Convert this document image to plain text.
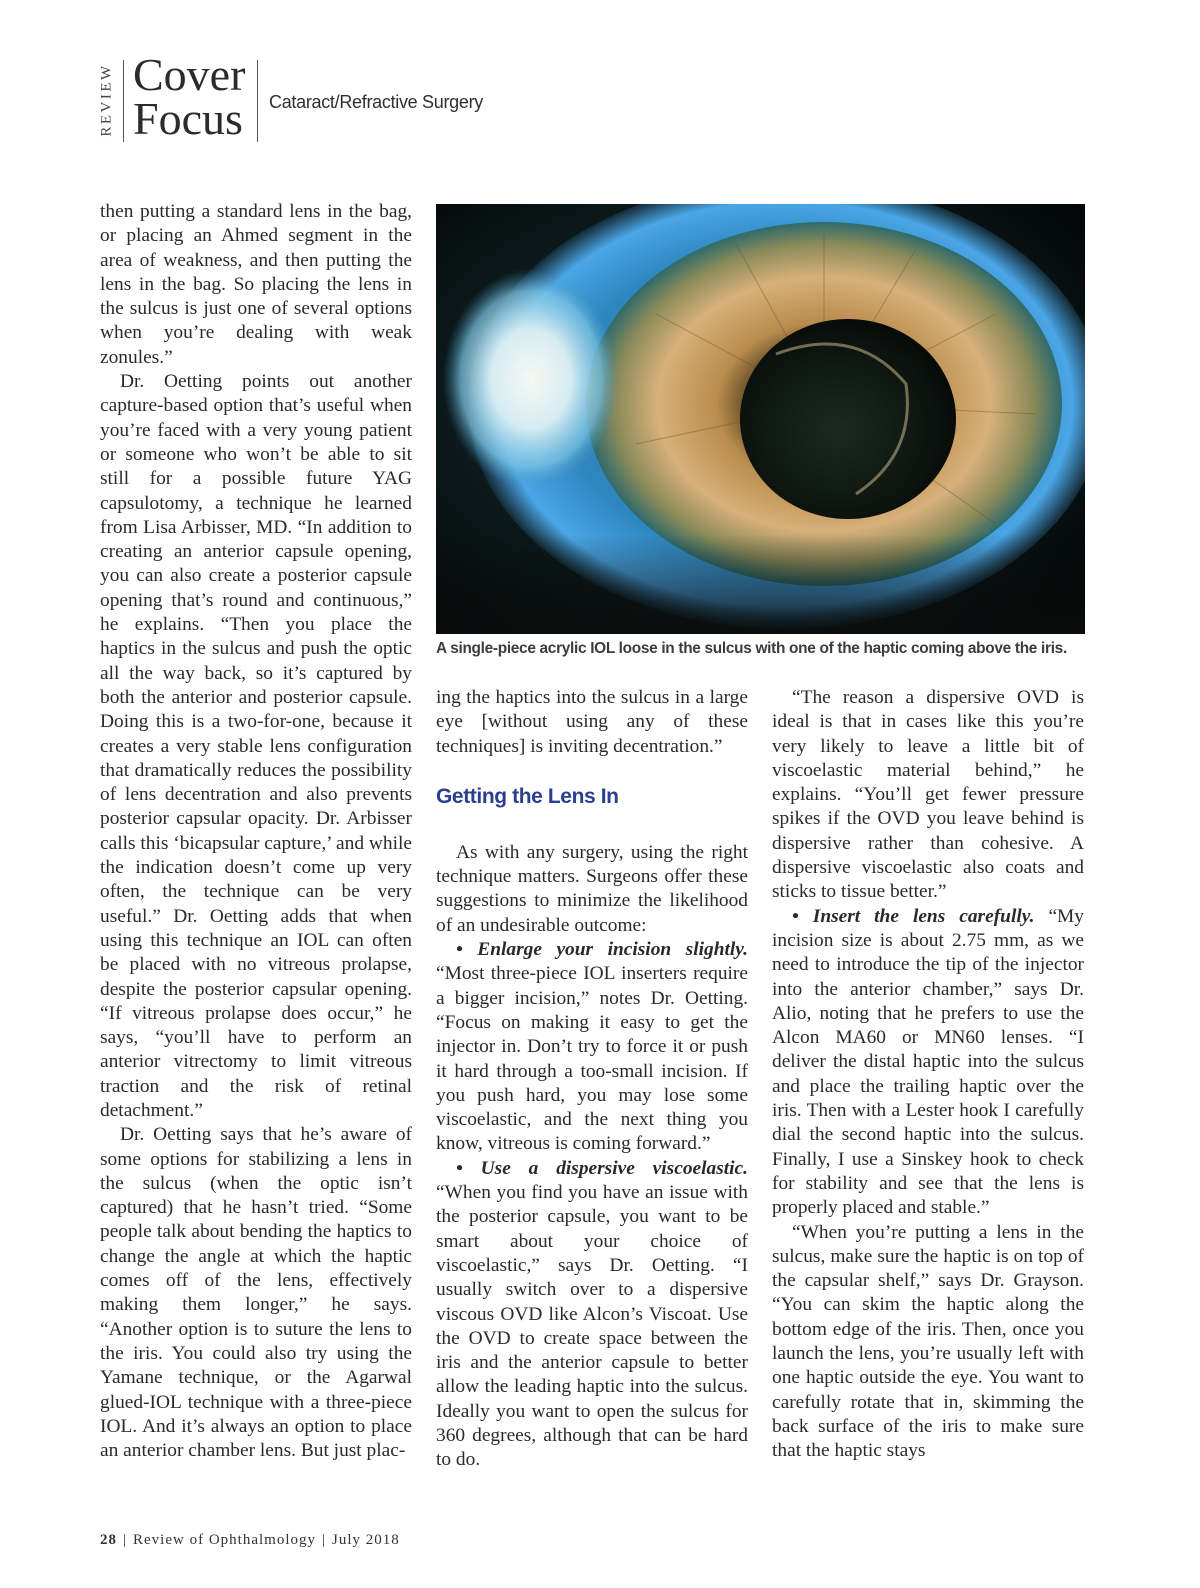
REVIEW Cover
Focus Cataract/Refractive Surgery

then putting a standard lens in the bag, or placing an Ahmed segment in the area of weakness, and then putting the lens in the bag. So placing the lens in the sulcus is just one of several options when you’re dealing with weak zonules.”

Dr. Oetting points out another capture-based option that’s useful when you’re faced with a very young patient or someone who won’t be able to sit still for a possible future YAG capsulotomy, a technique he learned from Lisa Arbisser, MD. “In addition to creating an anterior capsule opening, you can also create a posterior capsule opening that’s round and continuous,” he explains. “Then you place the haptics in the sulcus and push the optic all the way back, so it’s captured by both the anterior and posterior capsule. Doing this is a two-for-one, because it creates a very stable lens configuration that dramatically reduces the possibility of lens decentration and also prevents posterior capsular opacity. Dr. Arbisser calls this ‘bicapsular capture,’ and while the indication doesn’t come up very often, the technique can be very useful.” Dr. Oetting adds that when using this technique an IOL can often be placed with no vitreous prolapse, despite the posterior capsular opening. “If vitreous prolapse does occur,” he says, “you’ll have to perform an anterior vitrectomy to limit vitreous traction and the risk of retinal detachment.”

Dr. Oetting says that he’s aware of some options for stabilizing a lens in the sulcus (when the optic isn’t captured) that he hasn’t tried. “Some people talk about bending the haptics to change the angle at which the haptic comes off of the lens, effectively making them longer,” he says. “Another option is to suture the lens to the iris. You could also try using the Yamane technique, or the Agarwal glued-IOL technique with a three-piece IOL. And it’s always an option to place an anterior chamber lens. But just plac-

A single-piece acrylic IOL loose in the sulcus with one of the haptic coming above the iris.

ing the haptics into the sulcus in a large eye [without using any of these techniques] is inviting decentration.”

Getting the Lens In

As with any surgery, using the right technique matters. Surgeons offer these suggestions to minimize the likelihood of an undesirable outcome:

• Enlarge your incision slightly. “Most three-piece IOL inserters require a bigger incision,” notes Dr. Oetting. “Focus on making it easy to get the injector in. Don’t try to force it or push it hard through a too-small incision. If you push hard, you may lose some viscoelastic, and the next thing you know, vitreous is coming forward.”

• Use a dispersive viscoelastic. “When you find you have an issue with the posterior capsule, you want to be smart about your choice of viscoelastic,” says Dr. Oetting. “I usually switch over to a dispersive viscous OVD like Alcon’s Viscoat. Use the OVD to create space between the iris and the anterior capsule to better allow the leading haptic into the sulcus. Ideally you want to open the sulcus for 360 degrees, although that can be hard to do.

“The reason a dispersive OVD is ideal is that in cases like this you’re very likely to leave a little bit of viscoelastic material behind,” he explains. “You’ll get fewer pressure spikes if the OVD you leave behind is dispersive rather than cohesive. A dispersive viscoelastic also coats and sticks to tissue better.”

• Insert the lens carefully. “My incision size is about 2.75 mm, as we need to introduce the tip of the injector into the anterior chamber,” says Dr. Alio, noting that he prefers to use the Alcon MA60 or MN60 lenses. “I deliver the distal haptic into the sulcus and place the trailing haptic over the iris. Then with a Lester hook I carefully dial the second haptic into the sulcus. Finally, I use a Sinskey hook to check for stability and see that the lens is properly placed and stable.”

“When you’re putting a lens in the sulcus, make sure the haptic is on top of the capsular shelf,” says Dr. Grayson. “You can skim the haptic along the bottom edge of the iris. Then, once you launch the lens, you’re usually left with one haptic outside the eye. You want to carefully rotate that in, skimming the back surface of the iris to make sure that the haptic stays

28 | Review of Ophthalmology | July 2018
